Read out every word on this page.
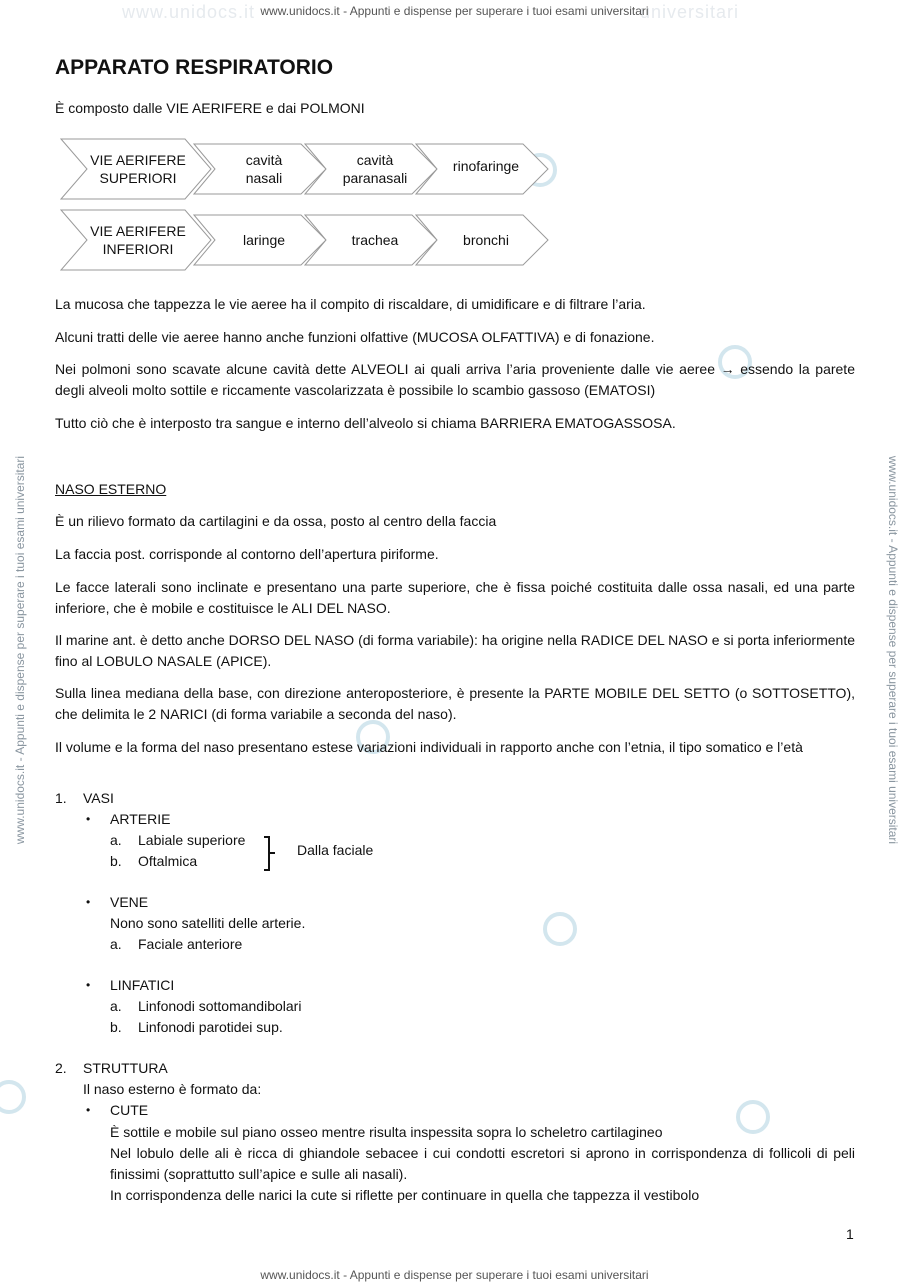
www.unidocs.it	universitari
www.unidocs.it - Appunti e dispense per superare i tuoi esami universitari
www.unidocs.it - Appunti e dispense per superare i tuoi esami universitari
www.unidocs.it - Appunti e dispense per superare i tuoi esami universitari	www.unidocs.it - Appunti e dispense per superare i tuoi esami universitari
APPARATO RESPIRATORIO

È composto dalle VIE AERIFERE e dai POLMONI

VIE AERIFERE
SUPERIORI
cavità
nasali
cavità
paranasali
rinofaringe
VIE AERIFERE
INFERIORI
laringe	trachea	bronchi

La mucosa che tappezza le vie aeree ha il compito di riscaldare, di umidificare e di filtrare l’aria.

Alcuni tratti delle vie aeree hanno anche funzioni olfattive (MUCOSA OLFATTIVA) e di fonazione.

Nei polmoni sono scavate alcune cavità dette ALVEOLI ai quali arriva l’aria proveniente dalle vie aeree → essendo la parete degli alveoli molto sottile e riccamente vascolarizzata è possibile lo scambio gassoso (EMATOSI)

Tutto ciò che è interposto tra sangue e interno dell’alveolo si chiama BARRIERA EMATOGASSOSA.

NASO ESTERNO

È un rilievo formato da cartilagini e da ossa, posto al centro della faccia

La faccia post. corrisponde al contorno dell’apertura piriforme.

Le facce laterali sono inclinate e presentano una parte superiore, che è fissa poiché costituita dalle ossa nasali, ed una parte inferiore, che è mobile e costituisce le ALI DEL NASO.

Il marine ant. è detto anche DORSO DEL NASO (di forma variabile): ha origine nella RADICE DEL NASO e si porta inferiormente fino al LOBULO NASALE (APICE).

Sulla linea mediana della base, con direzione anteroposteriore, è presente la PARTE MOBILE DEL SETTO (o SOTTOSETTO), che delimita le 2 NARICI (di forma variabile a seconda del naso).

Il volume e la forma del naso presentano estese variazioni individuali in rapporto anche con l’etnia, il tipo somatico e l’età

1. VASI
• ARTERIE
a. Labiale superiore
b. Oftalmica
Dalla faciale
• VENE
Nono sono satelliti delle arterie.
a. Faciale anteriore
• LINFATICI
a. Linfonodi sottomandibolari
b. Linfonodi parotidei sup.
2. STRUTTURA
Il naso esterno è formato da:
• CUTE

È sottile e mobile sul piano osseo mentre risulta inspessita sopra lo scheletro cartilagineo

Nel lobulo delle ali è ricca di ghiandole sebacee i cui condotti escretori si aprono in corrispondenza di follicoli di peli finissimi (soprattutto sull’apice e sulle ali nasali).

In corrispondenza delle narici la cute si riflette per continuare in quella che tappezza il vestibolo

1
